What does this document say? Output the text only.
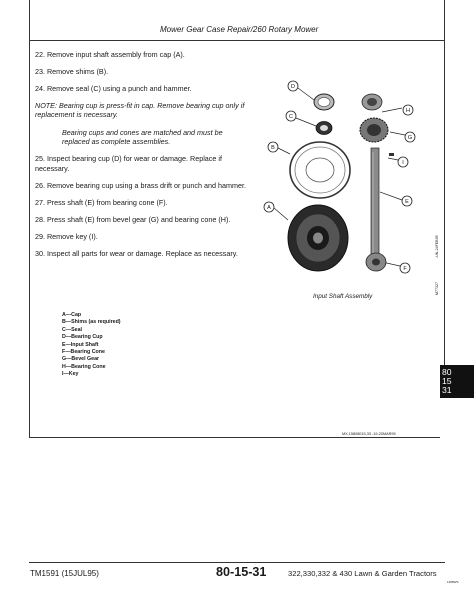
Mower Gear Case Repair/260 Rotary Mower
22. Remove input shaft assembly from cap (A).
23. Remove shims (B).
24. Remove seal (C) using a punch and hammer.
NOTE: Bearing cup is press-fit in cap. Remove bearing cup only if replacement is necessary.
Bearing cups and cones are matched and must be replaced as complete assemblies.
25. Inspect bearing cup (D) for wear or damage. Replace if necessary.
26. Remove bearing cup using a brass drift or punch and hammer.
27. Press shaft (E) from bearing cone (F).
28. Press shaft (E) from bevel gear (G) and bearing cone (H).
29. Remove key (I).
30. Inspect all parts for wear or damage. Replace as necessary.
A—Cap
B—Shims (as required)
C—Seal
D—Bearing Cup
E—Input Shaft
F—Bearing Cone
G—Bevel Gear
H—Bearing Cone
I—Key
D
C
B
A
H
G
I
E
F
-UN-24FEB95
M77327
Input Shaft Assembly
80
15
31
MX,15808015,33 -19-20MAR95
1308WS
TM1591 (15JUL95)	80-15-31	322,330,332 & 430 Lawn & Garden Tractors
